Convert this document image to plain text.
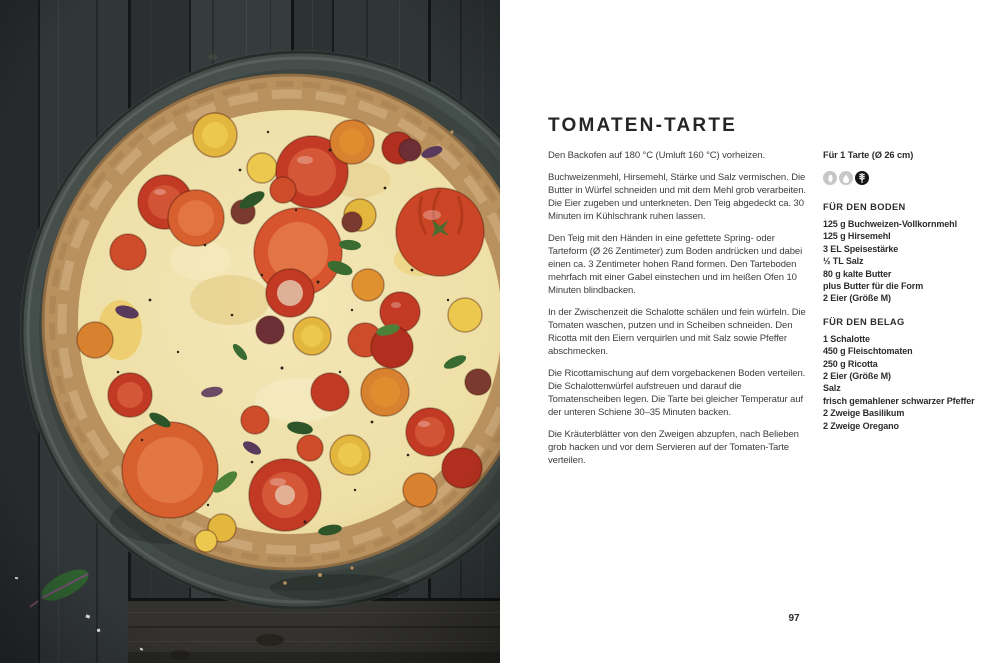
TOMATEN-TARTE

Den Backofen auf 180 °C (Umluft 160 °C) vorheizen.

Buchweizenmehl, Hirsemehl, Stärke und Salz vermischen. Die Butter in Würfel schneiden und mit dem Mehl grob verarbeiten. Die Eier zugeben und unterkneten. Den Teig abgedeckt ca. 30 Minuten im Kühlschrank ruhen lassen.

Den Teig mit den Händen in eine gefettete Spring- oder Tarteform (Ø 26 Zentimeter) zum Boden andrücken und dabei einen ca. 3 Zentimeter hohen Rand formen. Den Tarteboden mehrfach mit einer Gabel einstechen und im heißen Ofen 10 Minuten blindbacken.

In der Zwischenzeit die Schalotte schälen und fein würfeln. Die Tomaten waschen, putzen und in Scheiben schneiden. Den Ricotta mit den Eiern verquirlen und mit Salz sowie Pfeffer abschmecken.

Die Ricottamischung auf dem vorgebackenen Boden verteilen. Die Schalottenwürfel aufstreuen und darauf die Tomatenscheiben legen. Die Tarte bei gleicher Temperatur auf der unteren Schiene 30–35 Minuten backen.

Die Kräuterblätter von den Zweigen abzupfen, nach Belieben grob hacken und vor dem Servieren auf der Tomaten-Tarte verteilen.

Für 1 Tarte (Ø 26 cm)
FÜR DEN BODEN
125 g Buchweizen-Vollkornmehl
125 g Hirsemehl
3 EL Speisestärke
½ TL Salz
80 g kalte Butter
plus Butter für die Form
2 Eier (Größe M)
FÜR DEN BELAG
1 Schalotte
450 g Fleischtomaten
250 g Ricotta
2 Eier (Größe M)
Salz
frisch gemahlener schwarzer Pfeffer
2 Zweige Basilikum
2 Zweige Oregano
97
